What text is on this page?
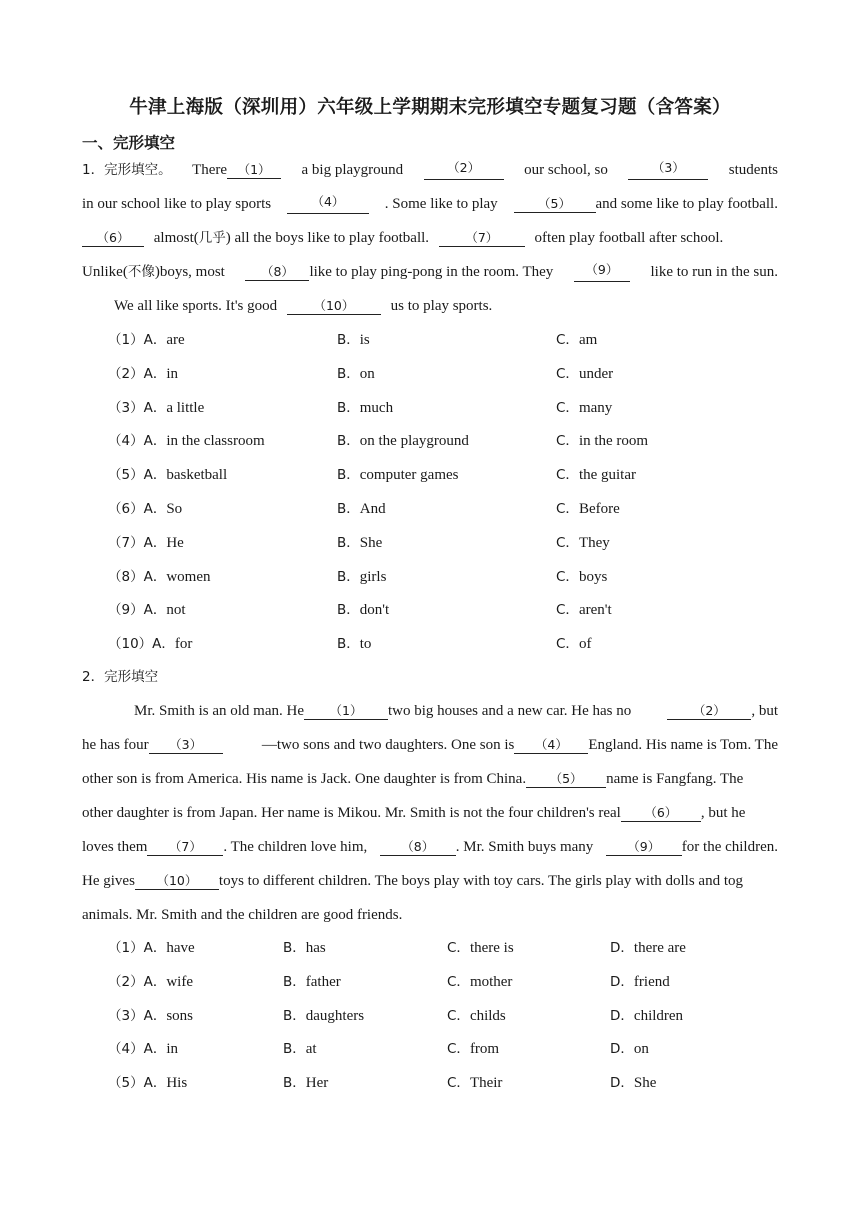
牛津上海版（深圳用）六年级上学期期末完形填空专题复习题（含答案）
一、完形填空
1．完形填空。 There （1）	a big playground	（2）	our school, so	（3）	students
in our school like to play sports	（4）	. Some like to play	（5） and some like to play football.
（6） almost(几乎) all the boys like to play football.	（7） often play football after school.
Unlike(不像)boys, most	（8） like to play ping-pong in the room. They	（9）	like to run in the sun.
We all like sports. It's good	（10） us to play sports.
（1）A．are	B．is	C．am
（2）A．in	B．on	C．under
（3）A．a little	B．much	C．many
（4）A．in the classroom	B．on the playground	C．in the room
（5）A．basketball	B．computer games	C．the guitar
（6）A．So	B．And	C．Before
（7）A．He	B．She	C．They
（8）A．women	B．girls	C．boys
（9）A．not	B．don't	C．aren't
（10）A．for	B．to	C．of
2．完形填空
Mr. Smith is an old man. He （1） two big houses and a new car. He has no	（2） , but
he has four （3）	—two sons and two daughters. One son is （4） England. His name is Tom. The
other son is from America. His name is Jack. One daughter is from China. （5） name is Fangfang. The
other daughter is from Japan. Her name is Mikou. Mr. Smith is not the four children's real （6） , but he
loves them （7） . The children love him,	（8） . Mr. Smith buys many	（9） for the children.
He gives （10） toys to different children. The boys play with toy cars. The girls play with dolls and tog
animals. Mr. Smith and the children are good friends.
（1）A．have	B．has	C．there is	D．there are
（2）A．wife	B．father	C．mother	D．friend
（3）A．sons	B．daughters	C．childs	D．children
（4）A．in	B．at	C．from	D．on
（5）A．His	B．Her	C．Their	D．She
